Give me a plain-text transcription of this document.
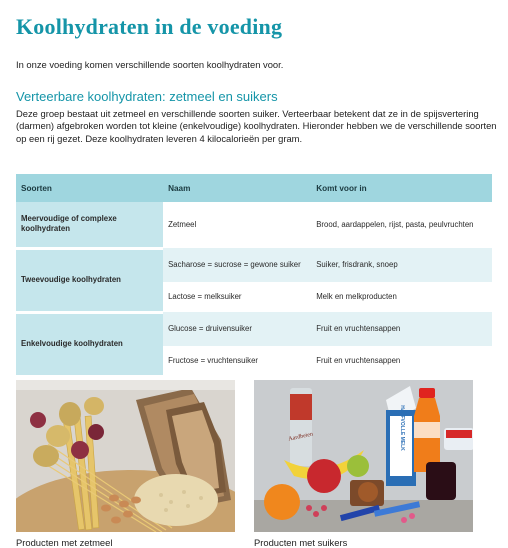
Koolhydraten in de voeding
In onze voeding komen verschillende soorten koolhydraten voor.
Verteerbare koolhydraten: zetmeel en suikers
Deze groep bestaat uit zetmeel en verschillende soorten suiker. Verteerbaar betekent dat ze in de spijsvertering (darmen) afgebroken worden tot kleine (enkelvoudige) koolhydraten. Hieronder hebben we de verschillende soorten op een rij gezet. Deze koolhydraten leveren 4 kilocalorieën per gram.
Soorten	Naam	Komt voor in
Meervoudige of complexe koolhydraten	Zetmeel	Brood, aardappelen, rijst, pasta, peulvruchten
Tweevoudige koolhydraten	Sacharose = sucrose = gewone suiker	Suiker, frisdrank, snoep
	Lactose = melksuiker	Melk en melkproducten
Enkelvoudige koolhydraten	Glucose = druivensuiker	Fruit en vruchtensappen
	Fructose = vruchtensuiker	Fruit en vruchtensappen
Producten met zetmeel
Aardbeien	HALFVOLLE MELK
Producten met suikers
